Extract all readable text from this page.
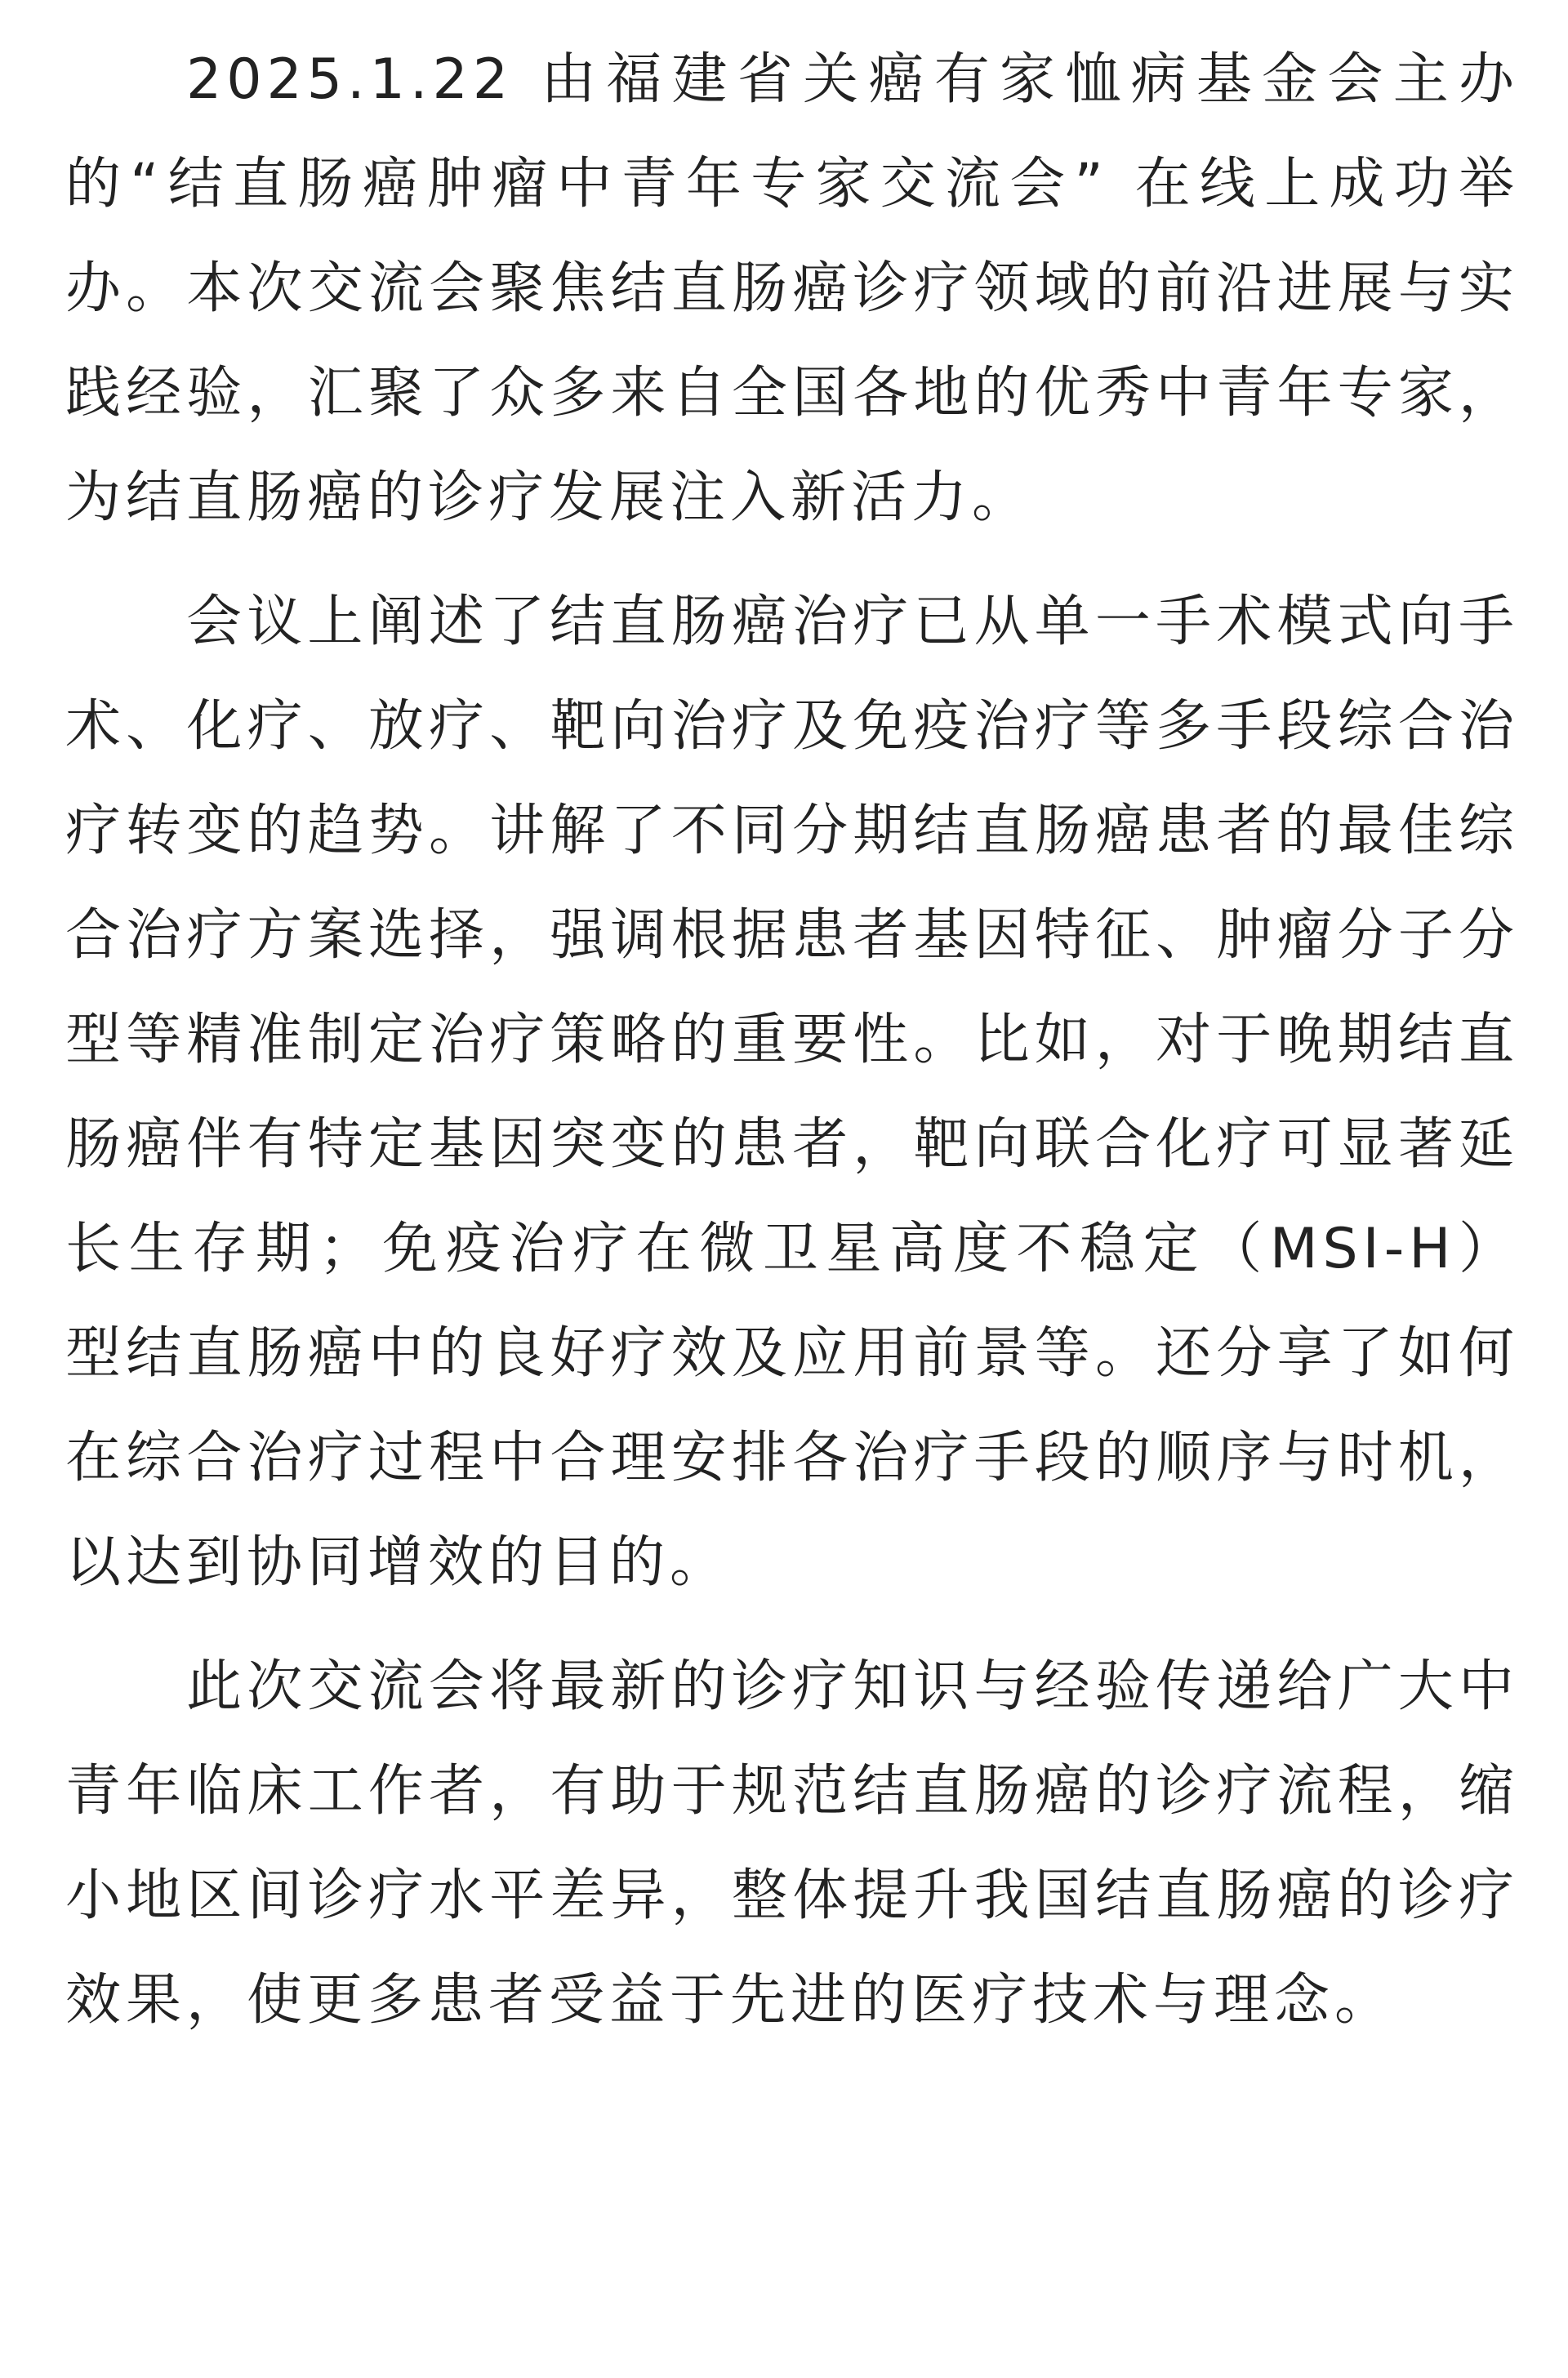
2025.1.22 由福建省关癌有家恤病基金会主办的“结直肠癌肿瘤中青年专家交流会” 在线上成功举办。本次交流会聚焦结直肠癌诊疗领域的前沿进展与实践经验，汇聚了众多来自全国各地的优秀中青年专家，为结直肠癌的诊疗发展注入新活力。

会议上阐述了结直肠癌治疗已从单一手术模式向手术、化疗、放疗、靶向治疗及免疫治疗等多手段综合治疗转变的趋势。讲解了不同分期结直肠癌患者的最佳综合治疗方案选择，强调根据患者基因特征、肿瘤分子分型等精准制定治疗策略的重要性。比如，对于晚期结直肠癌伴有特定基因突变的患者，靶向联合化疗可显著延长生存期；免疫治疗在微卫星高度不稳定（MSI-H）型结直肠癌中的良好疗效及应用前景等。还分享了如何在综合治疗过程中合理安排各治疗手段的顺序与时机，以达到协同增效的目的。

此次交流会将最新的诊疗知识与经验传递给广大中青年临床工作者，有助于规范结直肠癌的诊疗流程，缩小地区间诊疗水平差异，整体提升我国结直肠癌的诊疗效果，使更多患者受益于先进的医疗技术与理念。
